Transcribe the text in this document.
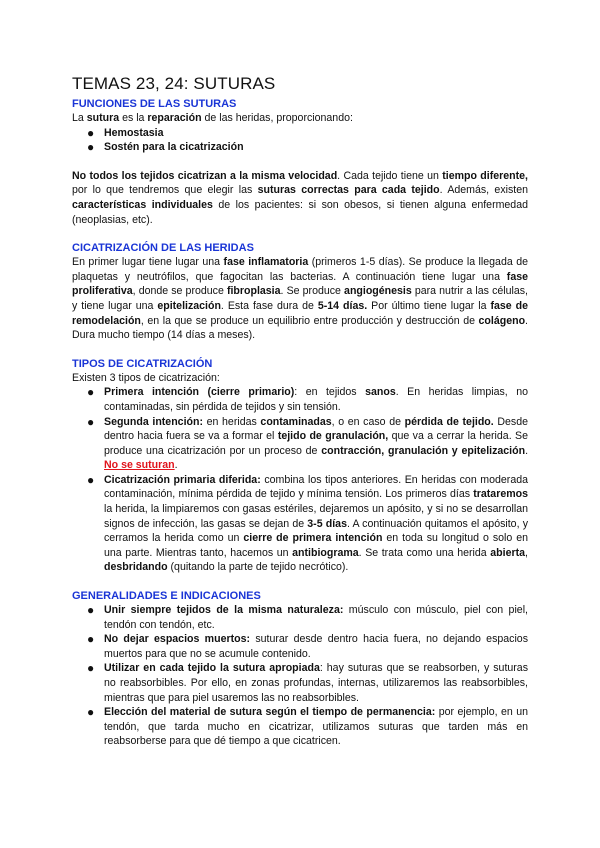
TEMAS 23, 24: SUTURAS
FUNCIONES DE LAS SUTURAS

La sutura es la reparación de las heridas, proporcionando:

● Hemostasia
● Sostén para la cicatrización

No todos los tejidos cicatrizan a la misma velocidad. Cada tejido tiene un tiempo diferente, por lo que tendremos que elegir las suturas correctas para cada tejido. Además, existen características individuales de los pacientes: si son obesos, si tienen alguna enfermedad (neoplasias, etc).

CICATRIZACIÓN DE LAS HERIDAS

En primer lugar tiene lugar una fase inflamatoria (primeros 1-5 días). Se produce la llegada de plaquetas y neutrófilos, que fagocitan las bacterias. A continuación tiene lugar una fase proliferativa, donde se produce fibroplasia. Se produce angiogénesis para nutrir a las células, y tiene lugar una epitelización. Esta fase dura de 5-14 días. Por último tiene lugar la fase de remodelación, en la que se produce un equilibrio entre producción y destrucción de colágeno. Dura mucho tiempo (14 días a meses).

TIPOS DE CICATRIZACIÓN

Existen 3 tipos de cicatrización:

● Primera intención (cierre primario): en tejidos sanos. En heridas limpias, no contaminadas, sin pérdida de tejidos y sin tensión.
● Segunda intención: en heridas contaminadas, o en caso de pérdida de tejido. Desde dentro hacia fuera se va a formar el tejido de granulación, que va a cerrar la herida. Se produce una cicatrización por un proceso de contracción, granulación y epitelización. No se suturan.
● Cicatrización primaria diferida: combina los tipos anteriores. En heridas con moderada contaminación, mínima pérdida de tejido y mínima tensión. Los primeros días trataremos la herida, la limpiaremos con gasas estériles, dejaremos un apósito, y si no se desarrollan signos de infección, las gasas se dejan de 3-5 días. A continuación quitamos el apósito, y cerramos la herida como un cierre de primera intención en toda su longitud o solo en una parte. Mientras tanto, hacemos un antibiograma. Se trata como una herida abierta, desbridando (quitando la parte de tejido necrótico).
GENERALIDADES E INDICACIONES
● Unir siempre tejidos de la misma naturaleza: músculo con músculo, piel con piel, tendón con tendón, etc.
● No dejar espacios muertos: suturar desde dentro hacia fuera, no dejando espacios muertos para que no se acumule contenido.
● Utilizar en cada tejido la sutura apropiada: hay suturas que se reabsorben, y suturas no reabsorbibles. Por ello, en zonas profundas, internas, utilizaremos las reabsorbibles, mientras que para piel usaremos las no reabsorbibles.
● Elección del material de sutura según el tiempo de permanencia: por ejemplo, en un tendón, que tarda mucho en cicatrizar, utilizamos suturas que tarden más en reabsorberse para que dé tiempo a que cicatricen.
